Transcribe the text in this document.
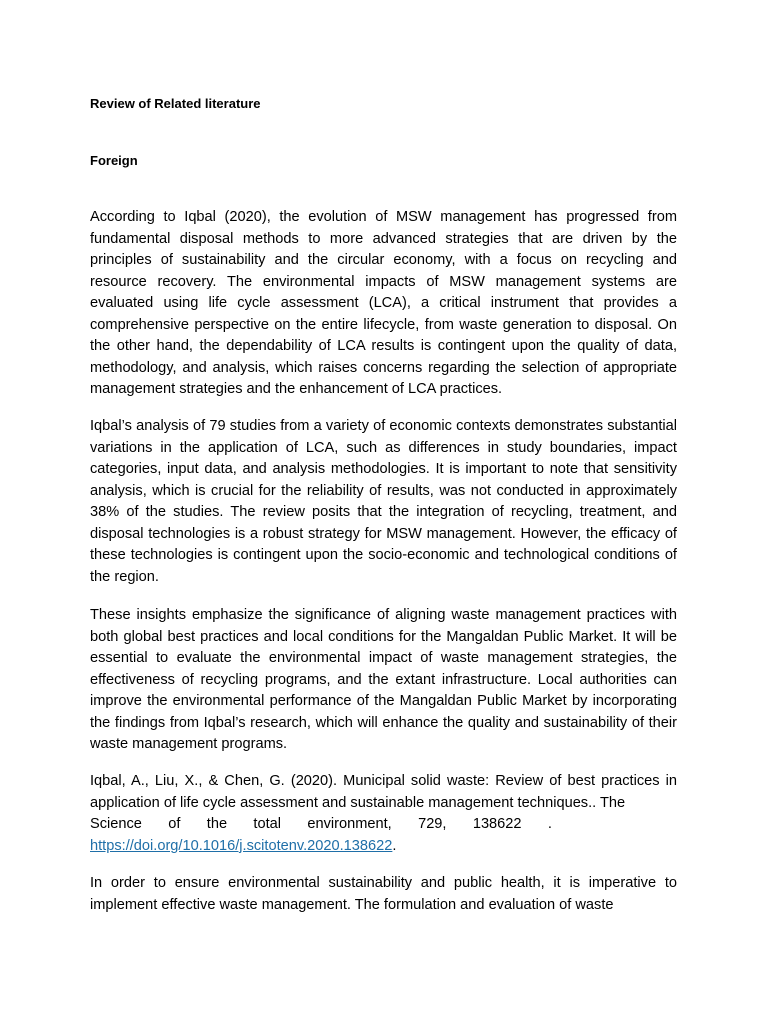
Review of Related literature

Foreign

According to Iqbal (2020), the evolution of MSW management has progressed from fundamental disposal methods to more advanced strategies that are driven by the principles of sustainability and the circular economy, with a focus on recycling and resource recovery. The environmental impacts of MSW management systems are evaluated using life cycle assessment (LCA), a critical instrument that provides a comprehensive perspective on the entire lifecycle, from waste generation to disposal. On the other hand, the dependability of LCA results is contingent upon the quality of data, methodology, and analysis, which raises concerns regarding the selection of appropriate management strategies and the enhancement of LCA practices.

Iqbal’s analysis of 79 studies from a variety of economic contexts demonstrates substantial variations in the application of LCA, such as differences in study boundaries, impact categories, input data, and analysis methodologies. It is important to note that sensitivity analysis, which is crucial for the reliability of results, was not conducted in approximately 38% of the studies. The review posits that the integration of recycling, treatment, and disposal technologies is a robust strategy for MSW management. However, the efficacy of these technologies is contingent upon the socio-economic and technological conditions of the region.

These insights emphasize the significance of aligning waste management practices with both global best practices and local conditions for the Mangaldan Public Market. It will be essential to evaluate the environmental impact of waste management strategies, the effectiveness of recycling programs, and the extant infrastructure. Local authorities can improve the environmental performance of the Mangaldan Public Market by incorporating the findings from Iqbal’s research, which will enhance the quality and sustainability of their waste management programs.

Iqbal, A., Liu, X., & Chen, G. (2020). Municipal solid waste: Review of best practices in application of life cycle assessment and sustainable management techniques.. The
Science of the total environment, 729, 138622 .
https://doi.org/10.1016/j.scitotenv.2020.138622.

In order to ensure environmental sustainability and public health, it is imperative to implement effective waste management. The formulation and evaluation of waste
